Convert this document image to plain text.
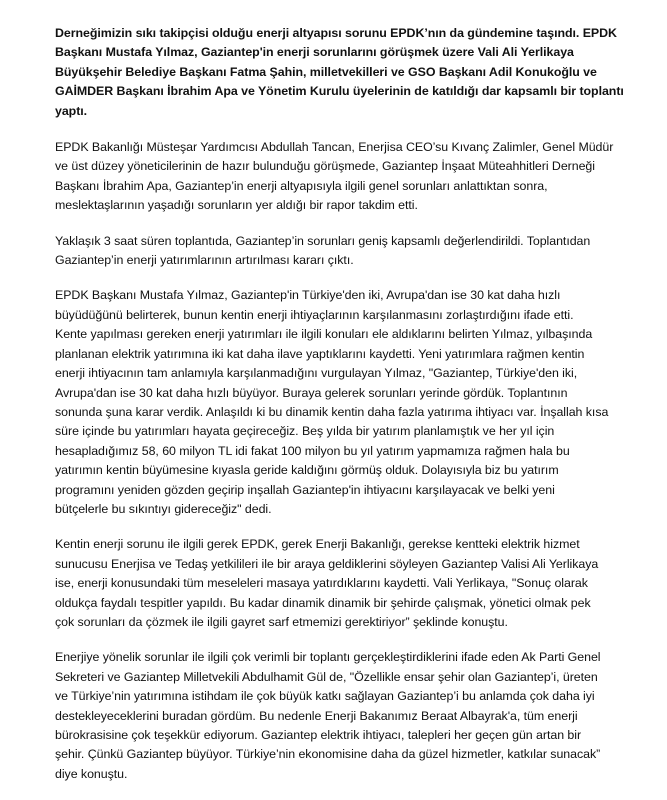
Derneğimizin sıkı takipçisi olduğu enerji altyapısı sorunu EPDK’nın da gündemine taşındı. EPDK
Başkanı Mustafa Yılmaz, Gaziantep'in enerji sorunlarını görüşmek üzere Vali Ali Yerlikaya
Büyükşehir Belediye Başkanı Fatma Şahin, milletvekilleri ve GSO Başkanı Adil Konukoğlu ve
GAİMDER Başkanı İbrahim Apa ve Yönetim Kurulu üyelerinin de katıldığı dar kapsamlı bir toplantı
yaptı.

EPDK Bakanlığı Müsteşar Yardımcısı Abdullah Tancan, Enerjisa CEO’su Kıvanç Zalimler, Genel Müdür
ve üst düzey yöneticilerinin de hazır bulunduğu görüşmede, Gaziantep İnşaat Müteahhitleri Derneği
Başkanı İbrahim Apa, Gaziantep’in enerji altyapısıyla ilgili genel sorunları anlattıktan sonra,
meslektaşlarının yaşadığı sorunların yer aldığı bir rapor takdim etti.

Yaklaşık 3 saat süren toplantıda, Gaziantep’in sorunları geniş kapsamlı değerlendirildi. Toplantıdan
Gaziantep’in enerji yatırımlarının artırılması kararı çıktı.

EPDK Başkanı Mustafa Yılmaz, Gaziantep'in Türkiye'den iki, Avrupa'dan ise 30 kat daha hızlı
büyüdüğünü belirterek, bunun kentin enerji ihtiyaçlarının karşılanmasını zorlaştırdığını ifade etti.
Kente yapılması gereken enerji yatırımları ile ilgili konuları ele aldıklarını belirten Yılmaz, yılbaşında
planlanan elektrik yatırımına iki kat daha ilave yaptıklarını kaydetti. Yeni yatırımlara rağmen kentin
enerji ihtiyacının tam anlamıyla karşılanmadığını vurgulayan Yılmaz, "Gaziantep, Türkiye'den iki,
Avrupa'dan ise 30 kat daha hızlı büyüyor. Buraya gelerek sorunları yerinde gördük. Toplantının
sonunda şuna karar verdik. Anlaşıldı ki bu dinamik kentin daha fazla yatırıma ihtiyacı var. İnşallah kısa
süre içinde bu yatırımları hayata geçireceğiz. Beş yılda bir yatırım planlamıştık ve her yıl için
hesapladığımız 58, 60 milyon TL idi fakat 100 milyon bu yıl yatırım yapmamıza rağmen hala bu
yatırımın kentin büyümesine kıyasla geride kaldığını görmüş olduk. Dolayısıyla biz bu yatırım
programını yeniden gözden geçirip inşallah Gaziantep'in ihtiyacını karşılayacak ve belki yeni
bütçelerle bu sıkıntıyı gidereceğiz" dedi.

Kentin enerji sorunu ile ilgili gerek EPDK, gerek Enerji Bakanlığı, gerekse kentteki elektrik hizmet
sunucusu Enerjisa ve Tedaş yetkilileri ile bir araya geldiklerini söyleyen Gaziantep Valisi Ali Yerlikaya
ise, enerji konusundaki tüm meseleleri masaya yatırdıklarını kaydetti. Vali Yerlikaya, "Sonuç olarak
oldukça faydalı tespitler yapıldı. Bu kadar dinamik dinamik bir şehirde çalışmak, yönetici olmak pek
çok sorunları da çözmek ile ilgili gayret sarf etmemizi gerektiriyor” şeklinde konuştu.

Enerjiye yönelik sorunlar ile ilgili çok verimli bir toplantı gerçekleştirdiklerini ifade eden Ak Parti Genel
Sekreteri ve Gaziantep Milletvekili Abdulhamit Gül de, "Özellikle ensar şehir olan Gaziantep’i, üreten
ve Türkiye’nin yatırımına istihdam ile çok büyük katkı sağlayan Gaziantep’i bu anlamda çok daha iyi
destekleyeceklerini buradan gördüm. Bu nedenle Enerji Bakanımız Beraat Albayrak'a, tüm enerji
bürokrasisine çok teşekkür ediyorum. Gaziantep elektrik ihtiyacı, talepleri her geçen gün artan bir
şehir. Çünkü Gaziantep büyüyor. Türkiye’nin ekonomisine daha da güzel hizmetler, katkılar sunacak”
diye konuştu.
